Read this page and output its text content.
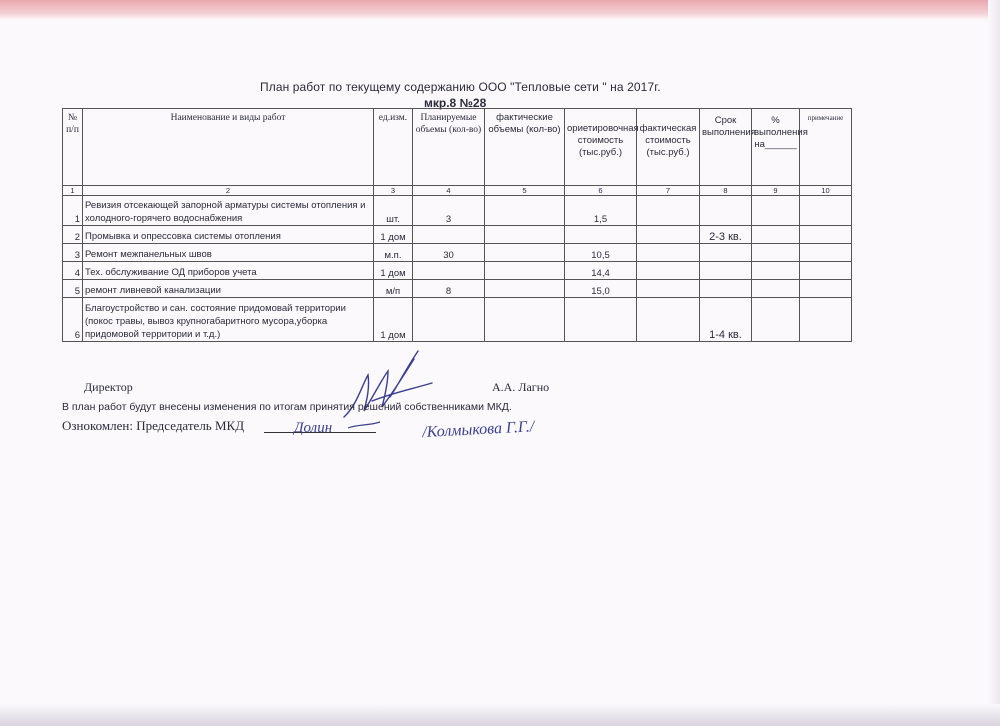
План работ по текущему содержанию ООО "Тепловые сети " на 2017г.
мкр.8 №28
№ п/п	Наименование и виды работ	ед.изм.	Планируемые объемы (кол-во)	фактические объемы (кол-во)	ориетировочная стоимость (тыс.руб.)	фактическая стоимость (тыс.руб.)	Срок выполнения	% выполнения на______	примечание
1	2	3	4	5	6	7	8	9	10
1	Ревизия отсекающей запорной арматуры системы отопления и холодного-горячего водоснабжения	шт.	3		1,5				
2	Промывка и опрессовка системы отопления	1 дом					2-3 кв.		
3	Ремонт межпанельных швов	м.п.	30		10,5				
4	Тех. обслуживание ОД приборов учета	1 дом			14,4				
5	ремонт ливневой канализации	м/п	8		15,0				
6	Благоустройство и сан. состояние придомовай территории (покос травы, вывоз крупногабаритного мусора,уборка придомовой территории и т.д.)	1 дом					1-4 кв.		
Директор	А.А. Лагно
В план работ будут внесены изменения по итогам принятия решений собственниками МКД.
Ознокомлен: Председатель МКД	Долин	/Колмыкова Г.Г./
